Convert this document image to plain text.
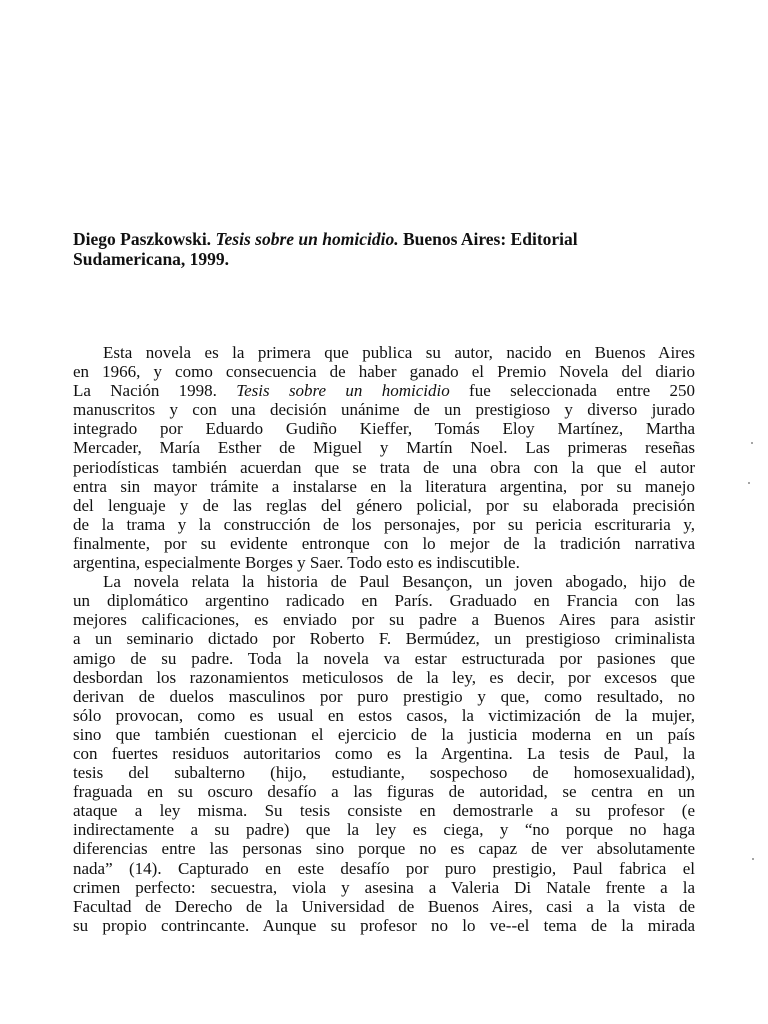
Diego Paszkowski. Tesis sobre un homicidio. Buenos Aires: Editorial
Sudamericana, 1999.
Esta novela es la primera que publica su autor, nacido en Buenos Aires
en 1966, y como consecuencia de haber ganado el Premio Novela del diario
La Nación 1998. Tesis sobre un homicidio fue seleccionada entre 250
manuscritos y con una decisión unánime de un prestigioso y diverso jurado
integrado por Eduardo Gudiño Kieffer, Tomás Eloy Martínez, Martha
Mercader, María Esther de Miguel y Martín Noel. Las primeras reseñas
periodísticas también acuerdan que se trata de una obra con la que el autor
entra sin mayor trámite a instalarse en la literatura argentina, por su manejo
del lenguaje y de las reglas del género policial, por su elaborada precisión
de la trama y la construcción de los personajes, por su pericia escrituraria y,
finalmente, por su evidente entronque con lo mejor de la tradición narrativa
argentina, especialmente Borges y Saer. Todo esto es indiscutible.
La novela relata la historia de Paul Besançon, un joven abogado, hijo de
un diplomático argentino radicado en París. Graduado en Francia con las
mejores calificaciones, es enviado por su padre a Buenos Aires para asistir
a un seminario dictado por Roberto F. Bermúdez, un prestigioso criminalista
amigo de su padre. Toda la novela va estar estructurada por pasiones que
desbordan los razonamientos meticulosos de la ley, es decir, por excesos que
derivan de duelos masculinos por puro prestigio y que, como resultado, no
sólo provocan, como es usual en estos casos, la victimización de la mujer,
sino que también cuestionan el ejercicio de la justicia moderna en un país
con fuertes residuos autoritarios como es la Argentina. La tesis de Paul, la
tesis del subalterno (hijo, estudiante, sospechoso de homosexualidad),
fraguada en su oscuro desafío a las figuras de autoridad, se centra en un
ataque a ley misma. Su tesis consiste en demostrarle a su profesor (e
indirectamente a su padre) que la ley es ciega, y “no porque no haga
diferencias entre las personas sino porque no es capaz de ver absolutamente
nada” (14). Capturado en este desafío por puro prestigio, Paul fabrica el
crimen perfecto: secuestra, viola y asesina a Valeria Di Natale frente a la
Facultad de Derecho de la Universidad de Buenos Aires, casi a la vista de
su propio contrincante. Aunque su profesor no lo ve--el tema de la mirada
